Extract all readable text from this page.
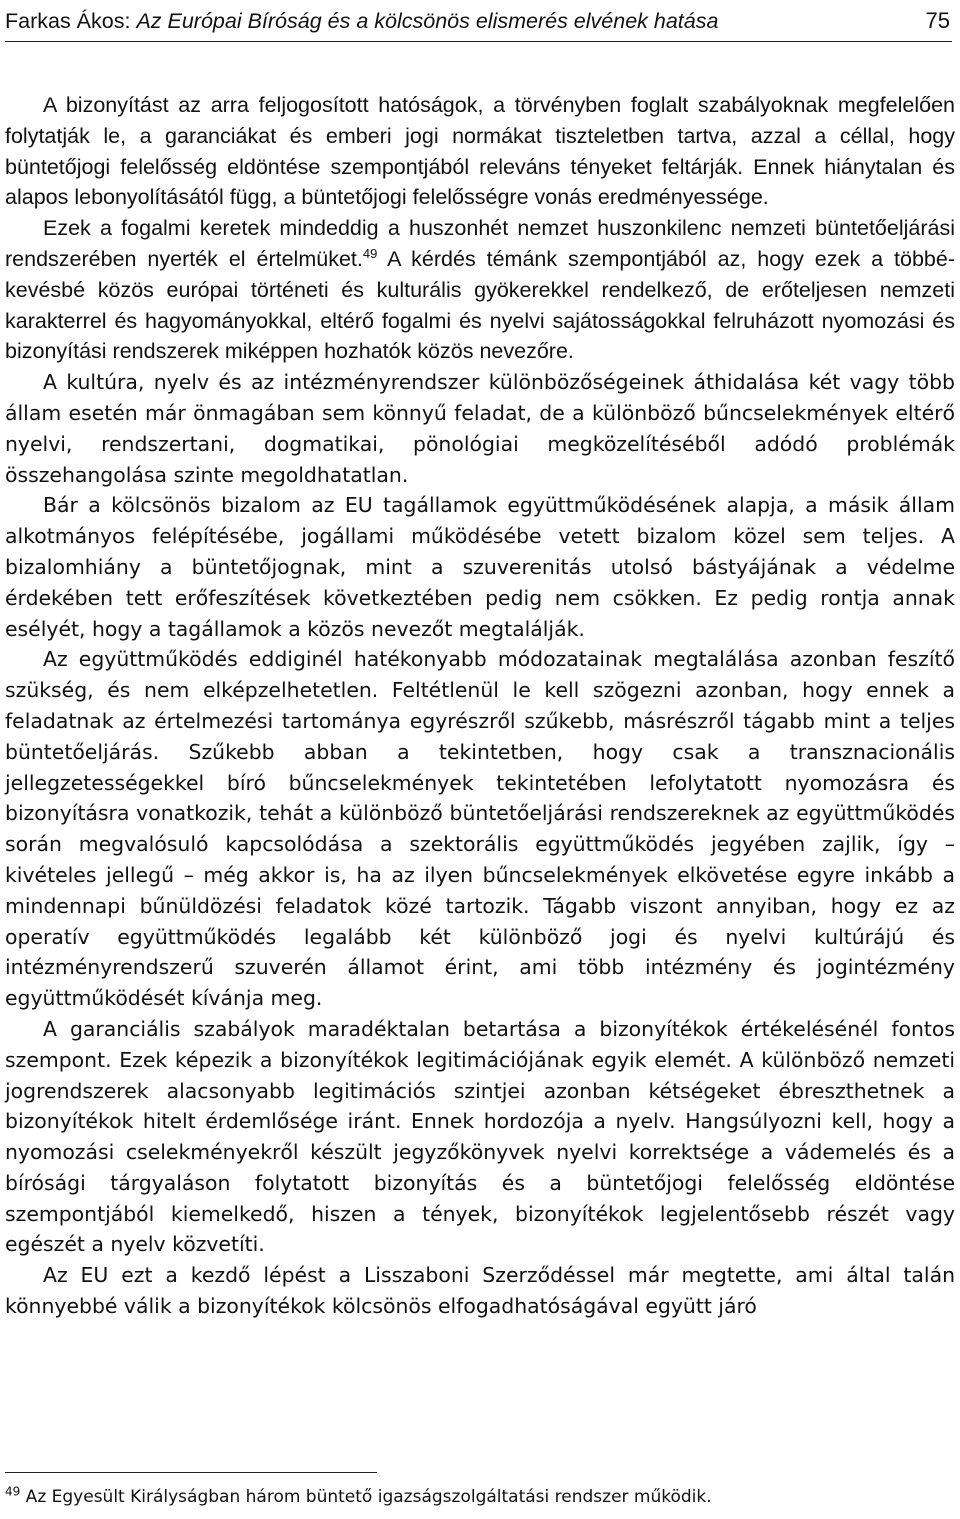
Farkas Ákos: Az Európai Bíróság és a kölcsönös elismerés elvének hatása	75

A bizonyítást az arra feljogosított hatóságok, a törvényben foglalt szabályoknak megfelelően folytatják le, a garanciákat és emberi jogi normákat tiszteletben tartva, azzal a céllal, hogy büntetőjogi felelősség eldöntése szempontjából releváns tényeket feltárják. Ennek hiánytalan és alapos lebonyolításától függ, a büntetőjogi felelősségre vonás eredményessége.

Ezek a fogalmi keretek mindeddig a huszonhét nemzet huszonkilenc nemzeti büntetőeljárási rendszerében nyerték el értelmüket.$^{49}$ A kérdés témánk szempontjából az, hogy ezek a többé-kevésbé közös európai történeti és kulturális gyökerekkel rendelkező, de erőteljesen nemzeti karakterrel és hagyományokkal, eltérő fogalmi és nyelvi sajátosságokkal felruházott nyomozási és bizonyítási rendszerek miképpen hozhatók közös nevezőre.

A kultúra, nyelv és az intézményrendszer különbözőségeinek áthidalása két vagy több állam esetén már önmagában sem könnyű feladat, de a különböző bűncselekmények eltérő nyelvi, rendszertani, dogmatikai, pönológiai megközelítéséből adódó problémák összehangolása szinte megoldhatatlan.

Bár a kölcsönös bizalom az EU tagállamok együttműködésének alapja, a másik állam alkotmányos felépítésébe, jogállami működésébe vetett bizalom közel sem teljes. A bizalomhiány a büntetőjognak, mint a szuverenitás utolsó bástyájának a védelme érdekében tett erőfeszítések következtében pedig nem csökken. Ez pedig rontja annak esélyét, hogy a tagállamok a közös nevezőt megtalálják.

Az együttműködés eddiginél hatékonyabb módozatainak megtalálása azonban feszítő szükség, és nem elképzelhetetlen. Feltétlenül le kell szögezni azonban, hogy ennek a feladatnak az értelmezési tartománya egyrészről szűkebb, másrészről tágabb mint a teljes büntetőeljárás. Szűkebb abban a tekintetben, hogy csak a transznacionális jellegzetességekkel bíró bűncselekmények tekintetében lefolytatott nyomozásra és bizonyításra vonatkozik, tehát a különböző büntetőeljárási rendszereknek az együttműködés során megvalósuló kapcsolódása a szektorális együttműködés jegyében zajlik, így – kivételes jellegű – még akkor is, ha az ilyen bűncselekmények elkövetése egyre inkább a mindennapi bűnüldözési feladatok közé tartozik. Tágabb viszont annyiban, hogy ez az operatív együttműködés legalább két különböző jogi és nyelvi kultúrájú és intézményrendszerű szuverén államot érint, ami több intézmény és jogintézmény együttműködését kívánja meg.

A garanciális szabályok maradéktalan betartása a bizonyítékok értékelésénél fontos szempont. Ezek képezik a bizonyítékok legitimációjának egyik elemét. A különböző nemzeti jogrendszerek alacsonyabb legitimációs szintjei azonban kétségeket ébreszthetnek a bizonyítékok hitelt érdemlősége iránt. Ennek hordozója a nyelv. Hangsúlyozni kell, hogy a nyomozási cselekményekről készült jegyzőkönyvek nyelvi korrektsége a vádemelés és a bírósági tárgyaláson folytatott bizonyítás és a büntetőjogi felelősség eldöntése szempontjából kiemelkedő, hiszen a tények, bizonyítékok legjelentősebb részét vagy egészét a nyelv közvetíti.

Az EU ezt a kezdő lépést a Lisszaboni Szerződéssel már megtette, ami által talán könnyebbé válik a bizonyítékok kölcsönös elfogadhatóságával együtt járó

$^{49}$ Az Egyesült Királyságban három büntető igazságszolgáltatási rendszer működik.
